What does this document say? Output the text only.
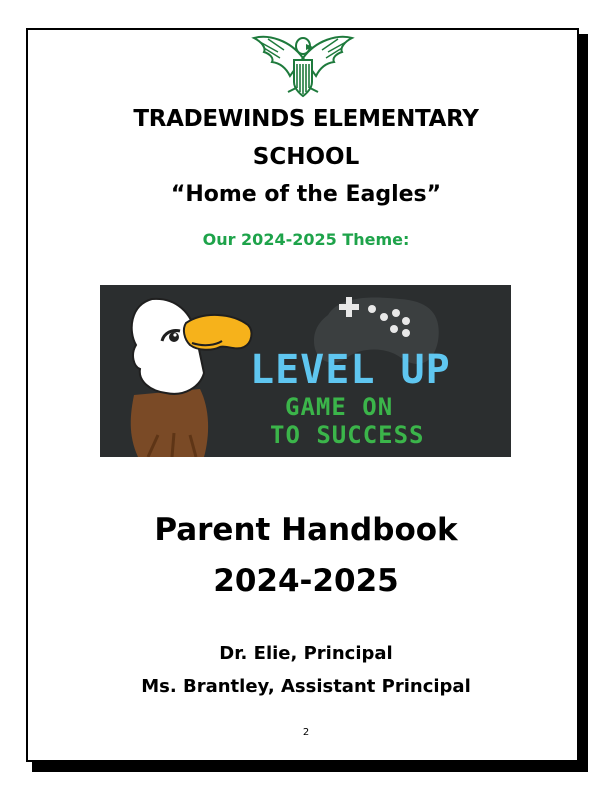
TRADEWINDS ELEMENTARY
SCHOOL
“Home of the Eagles”
Our 2024-2025 Theme:
LEVEL UP
GAME ON
TO SUCCESS
Parent Handbook
2024-2025
Dr. Elie, Principal
Ms. Brantley, Assistant Principal
2
